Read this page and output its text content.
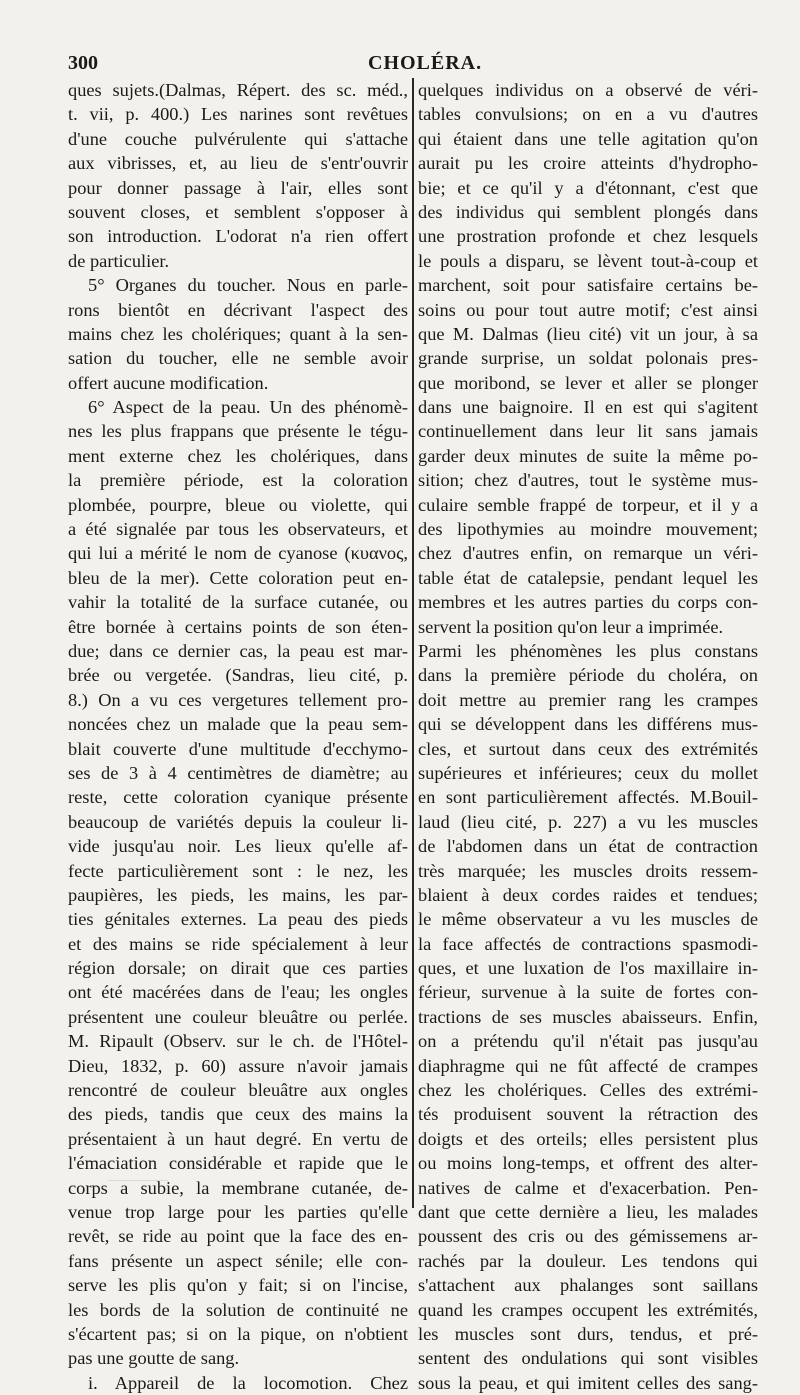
300	CHOLÉRA.
ques sujets.(Dalmas, Répert. des sc. méd.,
t. vii, p. 400.) Les narines sont revêtues
d'une couche pulvérulente qui s'attache
aux vibrisses, et, au lieu de s'entr'ouvrir
pour donner passage à l'air, elles sont
souvent closes, et semblent s'opposer à
son introduction. L'odorat n'a rien offert
de particulier.
5° Organes du toucher. Nous en parle-
rons bientôt en décrivant l'aspect des
mains chez les cholériques; quant à la sen-
sation du toucher, elle ne semble avoir
offert aucune modification.
6° Aspect de la peau. Un des phénomè-
nes les plus frappans que présente le tégu-
ment externe chez les cholériques, dans
la première période, est la coloration
plombée, pourpre, bleue ou violette, qui
a été signalée par tous les observateurs, et
qui lui a mérité le nom de cyanose (κυανος,
bleu de la mer). Cette coloration peut en-
vahir la totalité de la surface cutanée, ou
être bornée à certains points de son éten-
due; dans ce dernier cas, la peau est mar-
brée ou vergetée. (Sandras, lieu cité, p.
8.) On a vu ces vergetures tellement pro-
noncées chez un malade que la peau sem-
blait couverte d'une multitude d'ecchymo-
ses de 3 à 4 centimètres de diamètre; au
reste, cette coloration cyanique présente
beaucoup de variétés depuis la couleur li-
vide jusqu'au noir. Les lieux qu'elle af-
fecte particulièrement sont : le nez, les
paupières, les pieds, les mains, les par-
ties génitales externes. La peau des pieds
et des mains se ride spécialement à leur
région dorsale; on dirait que ces parties
ont été macérées dans de l'eau; les ongles
présentent une couleur bleuâtre ou perlée.
M. Ripault (Observ. sur le ch. de l'Hôtel-
Dieu, 1832, p. 60) assure n'avoir jamais
rencontré de couleur bleuâtre aux ongles
des pieds, tandis que ceux des mains la
présentaient à un haut degré. En vertu de
l'émaciation considérable et rapide que le
corps a subie, la membrane cutanée, de-
venue trop large pour les parties qu'elle
revêt, se ride au point que la face des en-
fans présente un aspect sénile; elle con-
serve les plis qu'on y fait; si on l'incise,
les bords de la solution de continuité ne
s'écartent pas; si on la pique, on n'obtient
pas une goutte de sang.
i. Appareil de la locomotion. Chez
quelques individus on a observé de véri-
tables convulsions; on en a vu d'autres
qui étaient dans une telle agitation qu'on
aurait pu les croire atteints d'hydropho-
bie; et ce qu'il y a d'étonnant, c'est que
des individus qui semblent plongés dans
une prostration profonde et chez lesquels
le pouls a disparu, se lèvent tout-à-coup et
marchent, soit pour satisfaire certains be-
soins ou pour tout autre motif; c'est ainsi
que M. Dalmas (lieu cité) vit un jour, à sa
grande surprise, un soldat polonais pres-
que moribond, se lever et aller se plonger
dans une baignoire. Il en est qui s'agitent
continuellement dans leur lit sans jamais
garder deux minutes de suite la même po-
sition; chez d'autres, tout le système mus-
culaire semble frappé de torpeur, et il y a
des lipothymies au moindre mouvement;
chez d'autres enfin, on remarque un véri-
table état de catalepsie, pendant lequel les
membres et les autres parties du corps con-
servent la position qu'on leur a imprimée.
Parmi les phénomènes les plus constans
dans la première période du choléra, on
doit mettre au premier rang les crampes
qui se développent dans les différens mus-
cles, et surtout dans ceux des extrémités
supérieures et inférieures; ceux du mollet
en sont particulièrement affectés. M.Bouil-
laud (lieu cité, p. 227) a vu les muscles
de l'abdomen dans un état de contraction
très marquée; les muscles droits ressem-
blaient à deux cordes raides et tendues;
le même observateur a vu les muscles de
la face affectés de contractions spasmodi-
ques, et une luxation de l'os maxillaire in-
férieur, survenue à la suite de fortes con-
tractions de ses muscles abaisseurs. Enfin,
on a prétendu qu'il n'était pas jusqu'au
diaphragme qui ne fût affecté de crampes
chez les cholériques. Celles des extrémi-
tés produisent souvent la rétraction des
doigts et des orteils; elles persistent plus
ou moins long-temps, et offrent des alter-
natives de calme et d'exacerbation. Pen-
dant que cette dernière a lieu, les malades
poussent des cris ou des gémissemens ar-
rachés par la douleur. Les tendons qui
s'attachent aux phalanges sont saillans
quand les crampes occupent les extrémités,
les muscles sont durs, tendus, et pré-
sentent des ondulations qui sont visibles
sous la peau, et qui imitent celles des sang-
